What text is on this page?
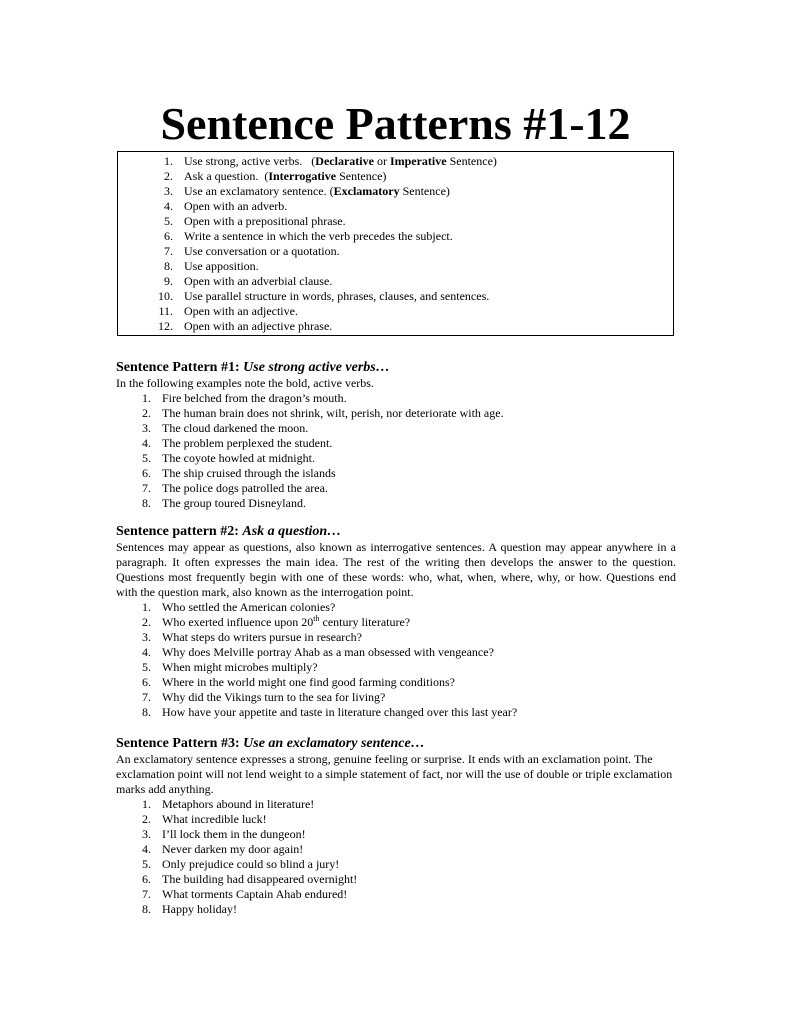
Sentence Patterns #1-12
1. Use strong, active verbs.   (Declarative or Imperative Sentence)
2. Ask a question.  (Interrogative Sentence)
3. Use an exclamatory sentence. (Exclamatory Sentence)
4. Open with an adverb.
5. Open with a prepositional phrase.
6. Write a sentence in which the verb precedes the subject.
7. Use conversation or a quotation.
8. Use apposition.
9. Open with an adverbial clause.
10. Use parallel structure in words, phrases, clauses, and sentences.
11. Open with an adjective.
12. Open with an adjective phrase.
Sentence Pattern #1: Use strong active verbs…

In the following examples note the bold, active verbs.

1. Fire belched from the dragon’s mouth.
2. The human brain does not shrink, wilt, perish, nor deteriorate with age.
3. The cloud darkened the moon.
4. The problem perplexed the student.
5. The coyote howled at midnight.
6. The ship cruised through the islands
7. The police dogs patrolled the area.
8. The group toured Disneyland.
Sentence pattern #2: Ask a question…

Sentences may appear as questions, also known as interrogative sentences. A question may appear anywhere in a paragraph. It often expresses the main idea. The rest of the writing then develops the answer to the question. Questions most frequently begin with one of these words: who, what, when, where, why, or how. Questions end with the question mark, also known as the interrogation point.

1. Who settled the American colonies?
2. Who exerted influence upon 20th century literature?
3. What steps do writers pursue in research?
4. Why does Melville portray Ahab as a man obsessed with vengeance?
5. When might microbes multiply?
6. Where in the world might one find good farming conditions?
7. Why did the Vikings turn to the sea for living?
8. How have your appetite and taste in literature changed over this last year?
Sentence Pattern #3: Use an exclamatory sentence…

An exclamatory sentence expresses a strong, genuine feeling or surprise. It ends with an exclamation point. The exclamation point will not lend weight to a simple statement of fact, nor will the use of double or triple exclamation marks add anything.

1. Metaphors abound in literature!
2. What incredible luck!
3. I’ll lock them in the dungeon!
4. Never darken my door again!
5. Only prejudice could so blind a jury!
6. The building had disappeared overnight!
7. What torments Captain Ahab endured!
8. Happy holiday!
